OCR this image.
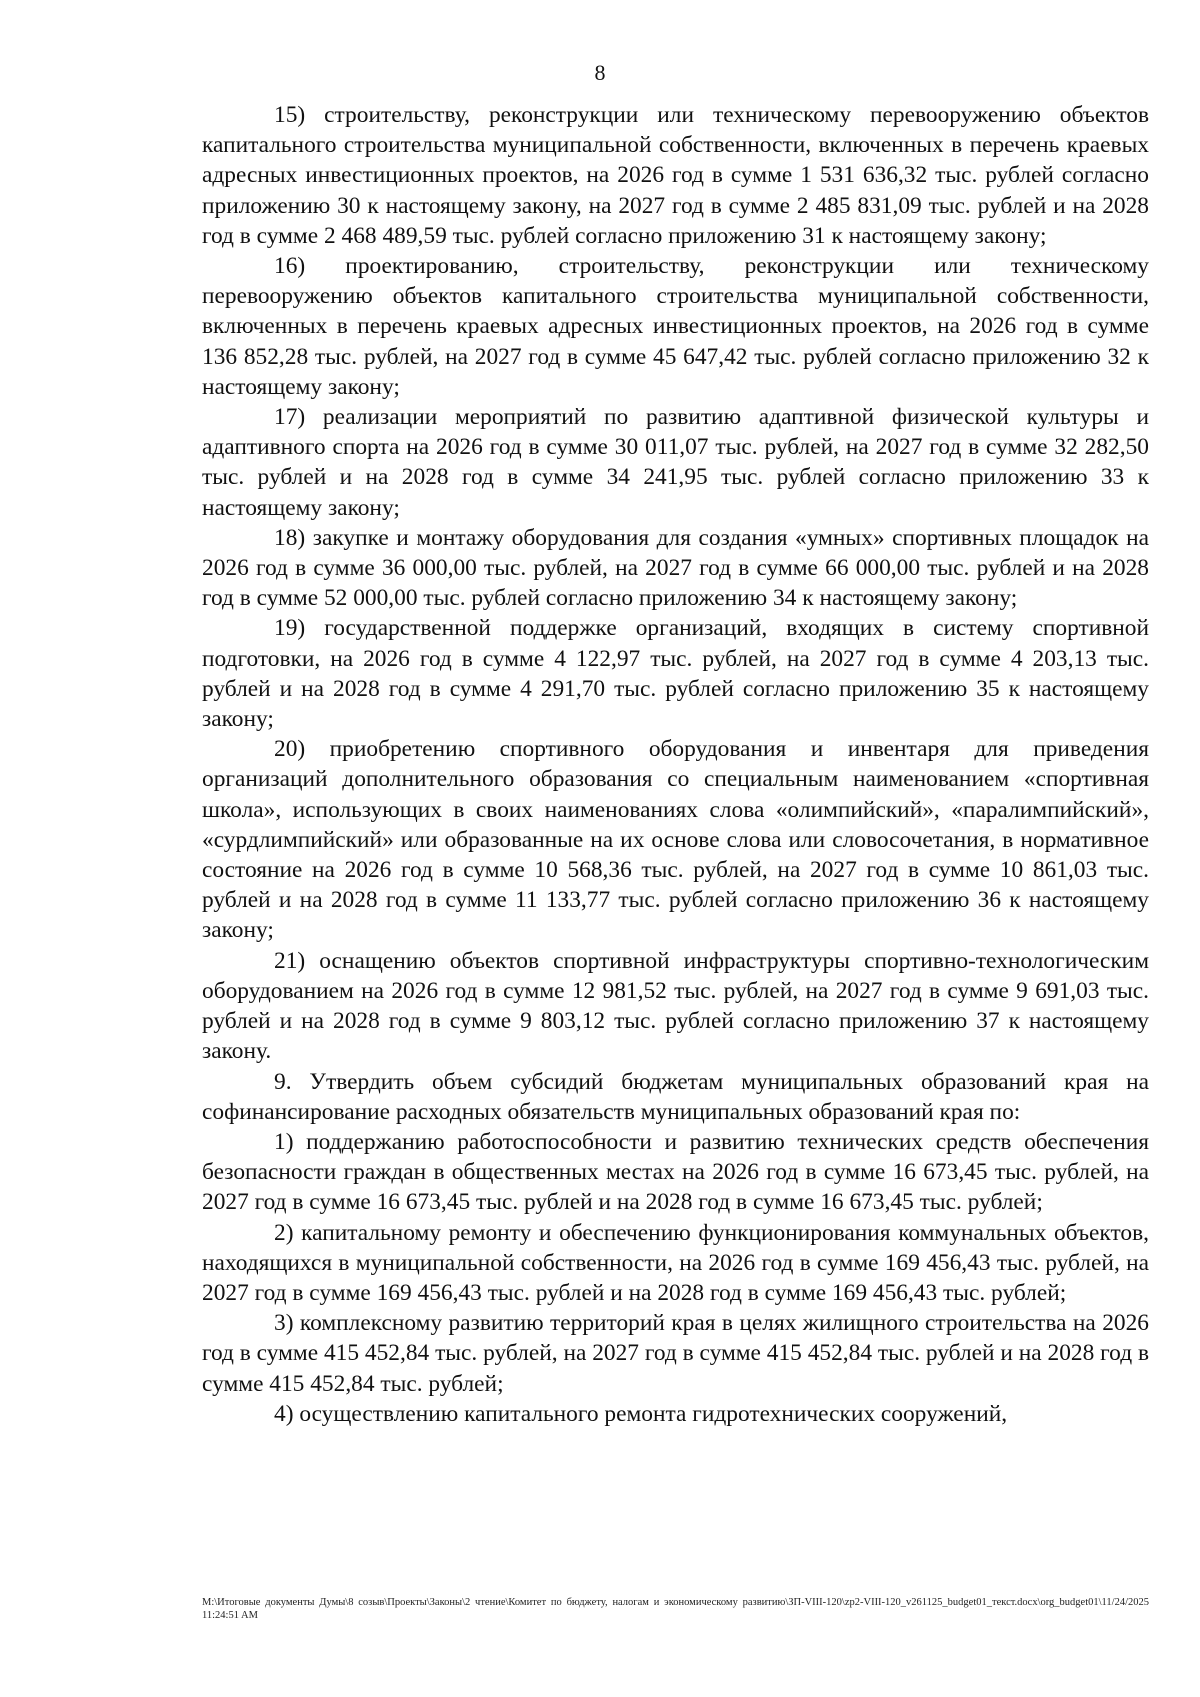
8

15) строительству, реконструкции или техническому перевооружению объектов капитального строительства муниципальной собственности, включенных в перечень краевых адресных инвестиционных проектов, на 2026 год в сумме 1 531 636,32 тыс. рублей согласно приложению 30 к настоящему закону, на 2027 год в сумме 2 485 831,09 тыс. рублей и на 2028 год в сумме 2 468 489,59 тыс. рублей согласно приложению 31 к настоящему закону;

16) проектированию, строительству, реконструкции или техническому перевооружению объектов капитального строительства муниципальной собственности, включенных в перечень краевых адресных инвестиционных проектов, на 2026 год в сумме 136 852,28 тыс. рублей, на 2027 год в сумме 45 647,42 тыс. рублей согласно приложению 32 к настоящему закону;

17) реализации мероприятий по развитию адаптивной физической культуры и адаптивного спорта на 2026 год в сумме 30 011,07 тыс. рублей, на 2027 год в сумме 32 282,50 тыс. рублей и на 2028 год в сумме 34 241,95 тыс. рублей согласно приложению 33 к настоящему закону;

18) закупке и монтажу оборудования для создания «умных» спортивных площадок на 2026 год в сумме 36 000,00 тыс. рублей, на 2027 год в сумме 66 000,00 тыс. рублей и на 2028 год в сумме 52 000,00 тыс. рублей согласно приложению 34 к настоящему закону;

19) государственной поддержке организаций, входящих в систему спортивной подготовки, на 2026 год в сумме 4 122,97 тыс. рублей, на 2027 год в сумме 4 203,13 тыс. рублей и на 2028 год в сумме 4 291,70 тыс. рублей согласно приложению 35 к настоящему закону;

20) приобретению спортивного оборудования и инвентаря для приведения организаций дополнительного образования со специальным наименованием «спортивная школа», использующих в своих наименованиях слова «олимпийский», «паралимпийский», «сурдлимпийский» или образованные на их основе слова или словосочетания, в нормативное состояние на 2026 год в сумме 10 568,36 тыс. рублей, на 2027 год в сумме 10 861,03 тыс. рублей и на 2028 год в сумме 11 133,77 тыс. рублей согласно приложению 36 к настоящему закону;

21) оснащению объектов спортивной инфраструктуры спортивно-технологическим оборудованием на 2026 год в сумме 12 981,52 тыс. рублей, на 2027 год в сумме 9 691,03 тыс. рублей и на 2028 год в сумме 9 803,12 тыс. рублей согласно приложению 37 к настоящему закону.

9. Утвердить объем субсидий бюджетам муниципальных образований края на софинансирование расходных обязательств муниципальных образований края по:

1) поддержанию работоспособности и развитию технических средств обеспечения безопасности граждан в общественных местах на 2026 год в сумме 16 673,45 тыс. рублей, на 2027 год в сумме 16 673,45 тыс. рублей и на 2028 год в сумме 16 673,45 тыс. рублей;

2) капитальному ремонту и обеспечению функционирования коммунальных объектов, находящихся в муниципальной собственности, на 2026 год в сумме 169 456,43 тыс. рублей, на 2027 год в сумме 169 456,43 тыс. рублей и на 2028 год в сумме 169 456,43 тыс. рублей;

3) комплексному развитию территорий края в целях жилищного строительства на 2026 год в сумме 415 452,84 тыс. рублей, на 2027 год в сумме 415 452,84 тыс. рублей и на 2028 год в сумме 415 452,84 тыс. рублей;

4) осуществлению капитального ремонта гидротехнических сооружений,

M:\Итоговые документы Думы\8 созыв\Проекты\Законы\2 чтение\Комитет по бюджету, налогам и экономическому развитию\ЗП-VIII-120\zp2-VIII-120_v261125_budget01_текст.docx\org_budget01\11/24/2025 11:24:51 AM
